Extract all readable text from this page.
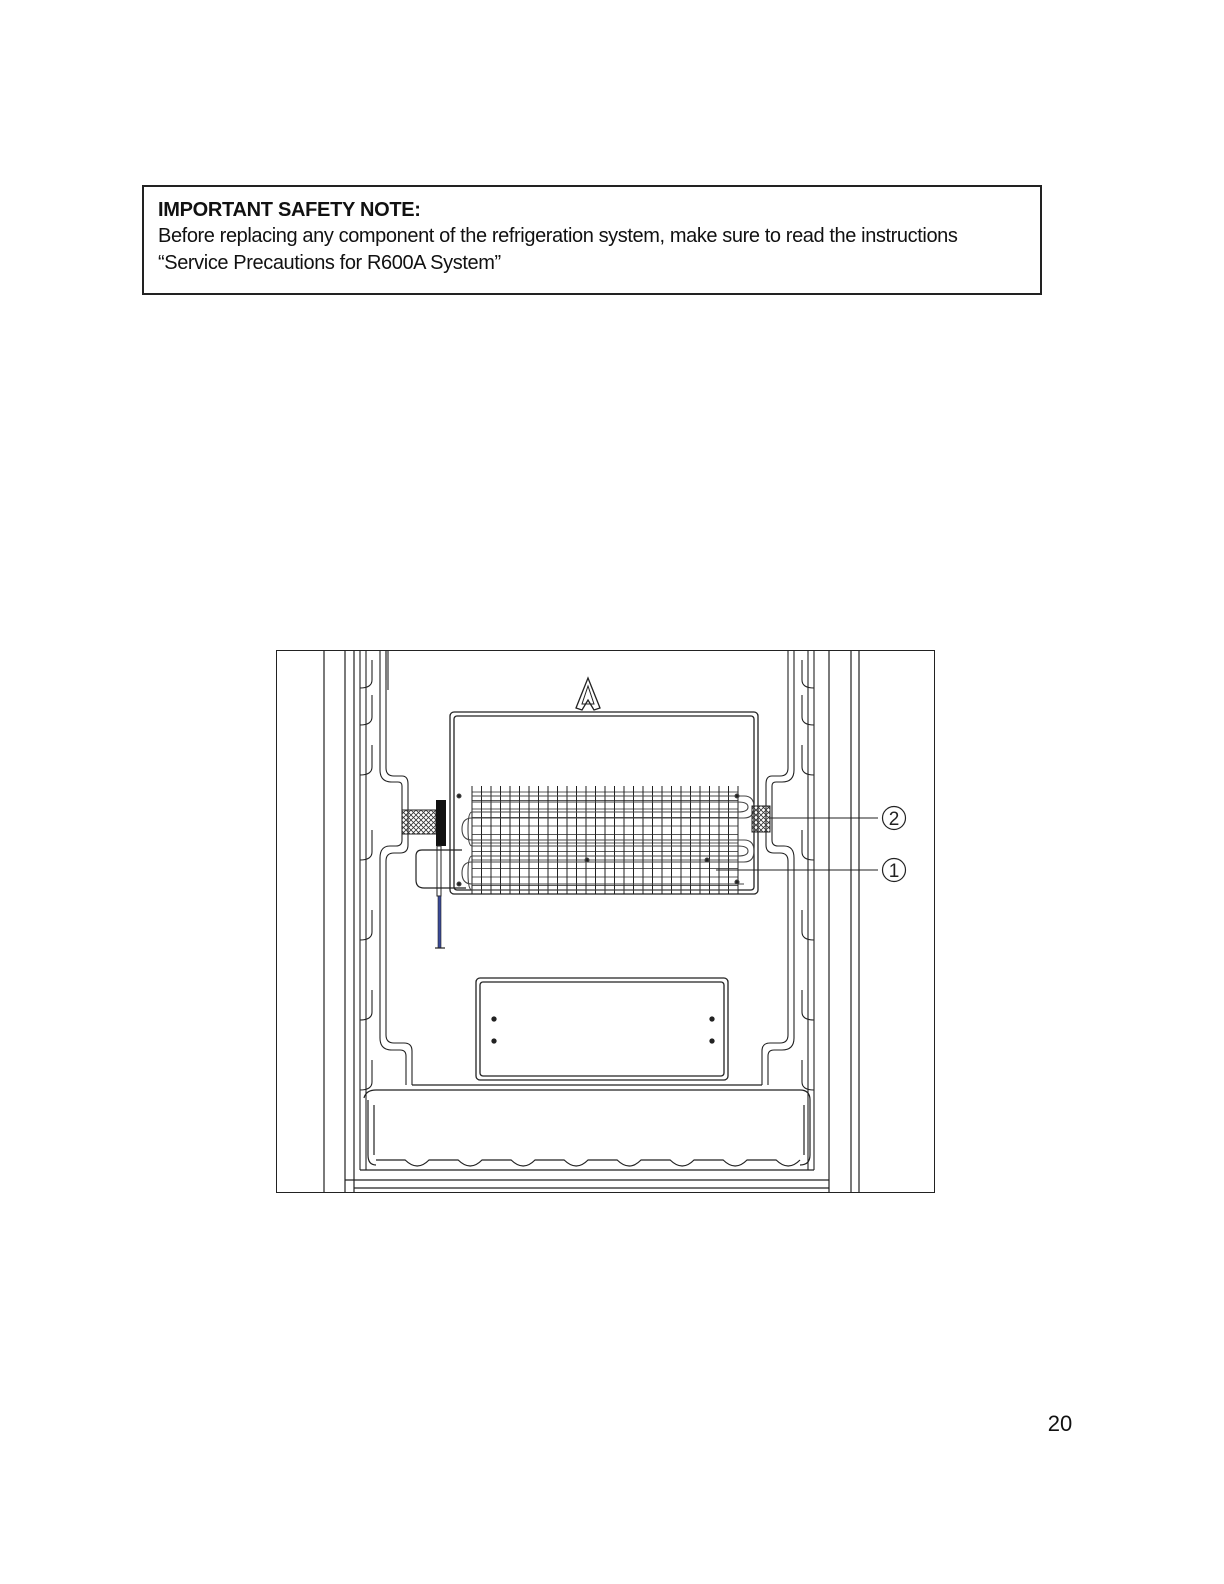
IMPORTANT SAFETY NOTE:

Before replacing any component of the refrigeration system, make sure to read the instructions

“Service Precautions for R600A System”

2
1
20
